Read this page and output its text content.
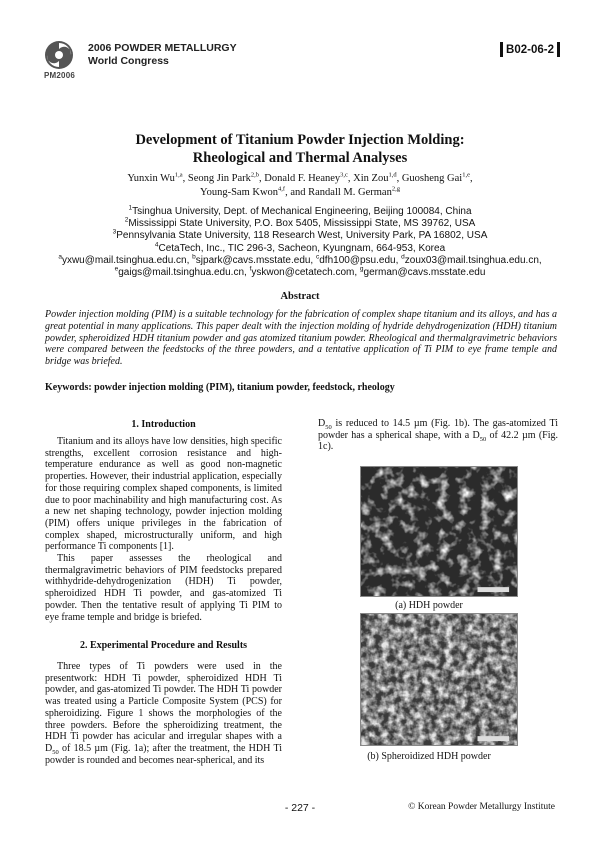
PM2006
2006 POWDER METALLURGY
World Congress
B02-06-2
Development of Titanium Powder Injection Molding:
Rheological and Thermal Analyses
Yunxin Wu$^{1,a}$, Seong Jin Park$^{2,b}$, Donald F. Heaney$^{3,c}$, Xin Zou$^{1,d}$, Guosheng Gai$^{1,e}$,
Young-Sam Kwon$^{4,f}$, and Randall M. German$^{2,g}$
$^1$Tsinghua University, Dept. of Mechanical Engineering, Beijing 100084, China
$^2$Mississippi State University, P.O. Box 5405, Mississippi State, MS 39762, USA
$^3$Pennsylvania State University, 118 Research West, University Park, PA 16802, USA
$^4$CetaTech, Inc., TIC 296-3, Sacheon, Kyungnam, 664-953, Korea
$^a$yxwu@mail.tsinghua.edu.cn, $^b$sjpark@cavs.msstate.edu, $^c$dfh100@psu.edu, $^d$zoux03@mail.tsinghua.edu.cn,
$^e$gaigs@mail.tsinghua.edu.cn, $^f$yskwon@cetatech.com, $^g$german@cavs.msstate.edu
Abstract
Powder injection molding (PIM) is a suitable technology for the fabrication of complex shape titanium and its alloys, and has a great potential in many applications. This paper dealt with the injection molding of hydride dehydrogenization (HDH) titanium powder, spheroidized HDH titanium powder and gas atomized titanium powder. Rheological and thermalgravimetric behaviors were compared between the feedstocks of the three powders, and a tentative application of Ti PIM to eye frame temple and bridge was briefed.
Keywords: powder injection molding (PIM), titanium powder, feedstock, rheology
1. Introduction

Titanium and its alloys have low densities, high specific strengths, excellent corrosion resistance and high-temperature endurance as well as good non-magnetic properties. However, their industrial application, especially for those requiring complex shaped components, is limited due to poor machinability and high manufacturing cost. As a new net shaping technology, powder injection molding (PIM) offers unique privileges in the fabrication of complex shaped, microstructurally uniform, and high performance Ti components [1].

This paper assesses the rheological and thermalgravimetric behaviors of PIM feedstocks prepared withhydride-dehydrogenization (HDH) Ti powder, spheroidized HDH Ti powder, and gas-atomized Ti powder. Then the tentative result of applying Ti PIM to eye frame temple and bridge is briefed.

2. Experimental Procedure and Results

Three types of Ti powders were used in the presentwork: HDH Ti powder, spheroidized HDH Ti powder, and gas-atomized Ti powder. The HDH Ti powder was treated using a Particle Composite System (PCS) for spheroidizing. Figure 1 shows the morphologies of the three powders. Before the spheroidizing treatment, the HDH Ti powder has acicular and irregular shapes with a $D_{50}$ of 18.5 µm (Fig. 1a); after the treatment, the HDH Ti powder is rounded and becomes near-spherical, and its

$D_{50}$ is reduced to 14.5 µm (Fig. 1b). The gas-atomized Ti powder has a spherical shape, with a $D_{50}$ of 42.2 µm (Fig. 1c).
(a) HDH powder
(b) Spheroidized HDH powder
- 227 -	© Korean Powder Metallurgy Institute
